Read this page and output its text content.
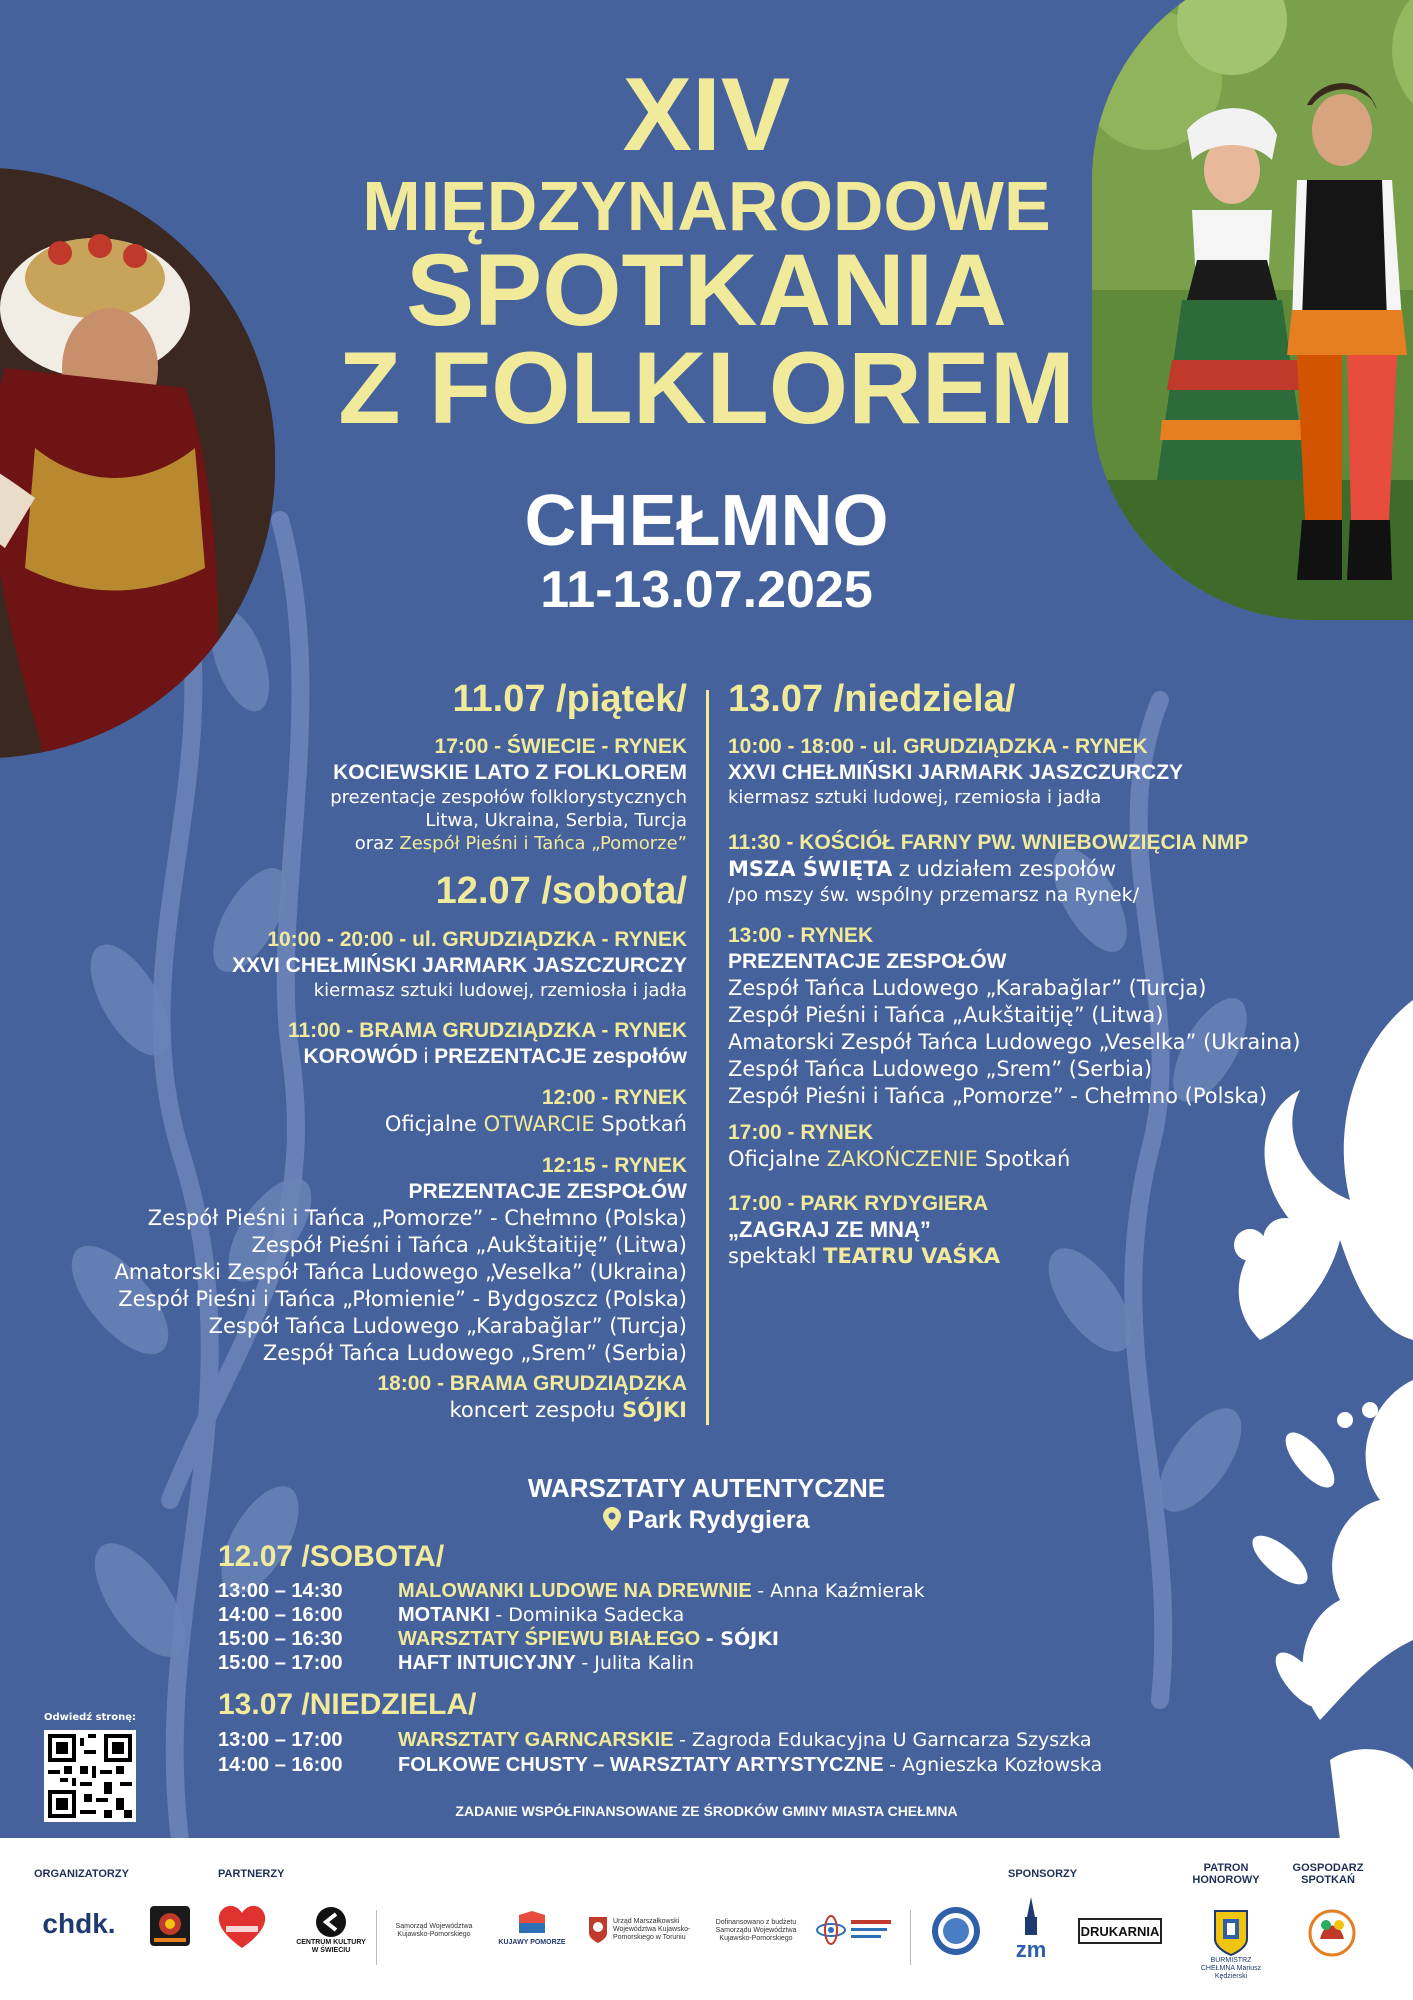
XIV
MIĘDZYNARODOWE
SPOTKANIA
Z FOLKLOREM
CHEŁMNO
11-13.07.2025
11.07 /piątek/
17:00 - ŚWIECIE - RYNEK
KOCIEWSKIE LATO Z FOLKLOREM
prezentacje zespołów folklorystycznych
Litwa, Ukraina, Serbia, Turcja
oraz Zespół Pieśni i Tańca „Pomorze”
12.07 /sobota/
10:00 - 20:00 - ul. GRUDZIĄDZKA - RYNEK
XXVI CHEŁMIŃSKI JARMARK JASZCZURCZY
kiermasz sztuki ludowej, rzemiosła i jadła
11:00 - BRAMA GRUDZIĄDZKA - RYNEK
KOROWÓD i PREZENTACJE zespołów
12:00 - RYNEK
Oficjalne OTWARCIE Spotkań
12:15 - RYNEK
PREZENTACJE ZESPOŁÓW
Zespół Pieśni i Tańca „Pomorze” - Chełmno (Polska)
Zespół Pieśni i Tańca „Aukštaitiję” (Litwa)
Amatorski Zespół Tańca Ludowego „Veselka” (Ukraina)
Zespół Pieśni i Tańca „Płomienie” - Bydgoszcz (Polska)
Zespół Tańca Ludowego „Karabağlar” (Turcja)
Zespół Tańca Ludowego „Srem” (Serbia)
18:00 - BRAMA GRUDZIĄDZKA
koncert zespołu SÓJKI
13.07 /niedziela/
10:00 - 18:00 - ul. GRUDZIĄDZKA - RYNEK
XXVI CHEŁMIŃSKI JARMARK JASZCZURCZY
kiermasz sztuki ludowej, rzemiosła i jadła
11:30 - KOŚCIÓŁ FARNY PW. WNIEBOWZIĘCIA NMP
MSZA ŚWIĘTA z udziałem zespołów
/po mszy św. wspólny przemarsz na Rynek/
13:00 - RYNEK
PREZENTACJE ZESPOŁÓW
Zespół Tańca Ludowego „Karabağlar” (Turcja)
Zespół Pieśni i Tańca „Aukštaitiję” (Litwa)
Amatorski Zespół Tańca Ludowego „Veselka” (Ukraina)
Zespół Tańca Ludowego „Srem” (Serbia)
Zespół Pieśni i Tańca „Pomorze” - Chełmno (Polska)
17:00 - RYNEK
Oficjalne ZAKOŃCZENIE Spotkań
17:00 - PARK RYDYGIERA
„ZAGRAJ ZE MNĄ”
spektakl TEATRU VAŚKA
WARSZTATY AUTENTYCZNE
Park Rydygiera
12.07 /SOBOTA/
13:00 – 14:30	MALOWANKI LUDOWE NA DREWNIE - Anna Kaźmierak
14:00 – 16:00	MOTANKI - Dominika Sadecka
15:00 – 16:30	WARSZTATY ŚPIEWU BIAŁEGO - SÓJKI
15:00 – 17:00	HAFT INTUICYJNY - Julita Kalin
13.07 /NIEDZIELA/
13:00 – 17:00	WARSZTATY GARNCARSKIE - Zagroda Edukacyjna U Garncarza Szyszka
14:00 – 16:00	FOLKOWE CHUSTY – WARSZTATY ARTYSTYCZNE - Agnieszka Kozłowska
Odwiedź stronę:
ZADANIE WSPÓŁFINANSOWANE ZE ŚRODKÓW GMINY MIASTA CHEŁMNA
ORGANIZATORZY	PARTNERZY	SPONSORZY	PATRON HONOROWY
GOSPODARZ SPOTKAŃ
chdk.
CENTRUM KULTURY W ŚWIECIU
Samorząd Województwa Kujawsko-Pomorskiego
KUJAWY POMORZE
Urząd Marszałkowski Województwa Kujawsko-Pomorskiego w Toruniu
Dofinansowano z budżetu Samorządu Województwa Kujawsko-Pomorskiego	zm
DRUKARNIA
BURMISTRZ CHEŁMNA Mariusz Kędzierski
